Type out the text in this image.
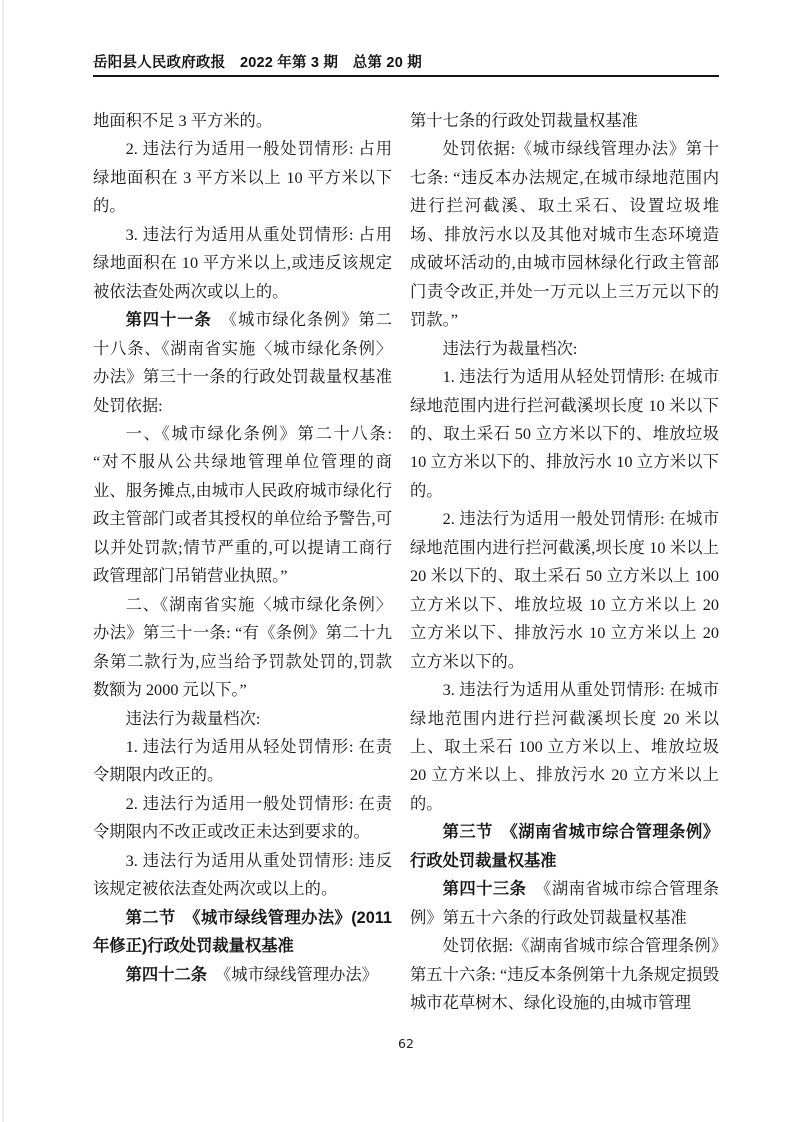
岳阳县人民政府政报　2022 年第 3 期　总第 20 期

地面积不足 3 平方米的。

2. 违法行为适用一般处罚情形: 占用绿地面积在 3 平方米以上 10 平方米以下的。

3. 违法行为适用从重处罚情形: 占用绿地面积在 10 平方米以上,或违反该规定被依法查处两次或以上的。

第四十一条　《城市绿化条例》第二十八条、《湖南省实施〈城市绿化条例〉办法》第三十一条的行政处罚裁量权基准处罚依据:

一、《城市绿化条例》第二十八条: “对不服从公共绿地管理单位管理的商业、服务摊点,由城市人民政府城市绿化行政主管部门或者其授权的单位给予警告,可以并处罚款;情节严重的,可以提请工商行政管理部门吊销营业执照。”

二、《湖南省实施〈城市绿化条例〉办法》第三十一条: “有《条例》第二十九条第二款行为,应当给予罚款处罚的,罚款数额为 2000 元以下。”

违法行为裁量档次:

1. 违法行为适用从轻处罚情形: 在责令期限内改正的。

2. 违法行为适用一般处罚情形: 在责令期限内不改正或改正未达到要求的。

3. 违法行为适用从重处罚情形: 违反该规定被依法查处两次或以上的。

第二节　《城市绿线管理办法》(2011 年修正)行政处罚裁量权基准

第四十二条　《城市绿线管理办法》

第十七条的行政处罚裁量权基准

处罚依据:《城市绿线管理办法》第十七条: “违反本办法规定,在城市绿地范围内进行拦河截溪、取土采石、设置垃圾堆场、排放污水以及其他对城市生态环境造成破坏活动的,由城市园林绿化行政主管部门责令改正,并处一万元以上三万元以下的罚款。”

违法行为裁量档次:

1. 违法行为适用从轻处罚情形: 在城市绿地范围内进行拦河截溪坝长度 10 米以下的、取土采石 50 立方米以下的、堆放垃圾 10 立方米以下的、排放污水 10 立方米以下的。

2. 违法行为适用一般处罚情形: 在城市绿地范围内进行拦河截溪,坝长度 10 米以上 20 米以下的、取土采石 50 立方米以上 100 立方米以下、堆放垃圾 10 立方米以上 20 立方米以下、排放污水 10 立方米以上 20 立方米以下的。

3. 违法行为适用从重处罚情形: 在城市绿地范围内进行拦河截溪坝长度 20 米以上、取土采石 100 立方米以上、堆放垃圾 20 立方米以上、排放污水 20 立方米以上的。

第三节　《湖南省城市综合管理条例》行政处罚裁量权基准

第四十三条　《湖南省城市综合管理条例》第五十六条的行政处罚裁量权基准

处罚依据:《湖南省城市综合管理条例》第五十六条: “违反本条例第十九条规定损毁城市花草树木、绿化设施的,由城市管理

62
